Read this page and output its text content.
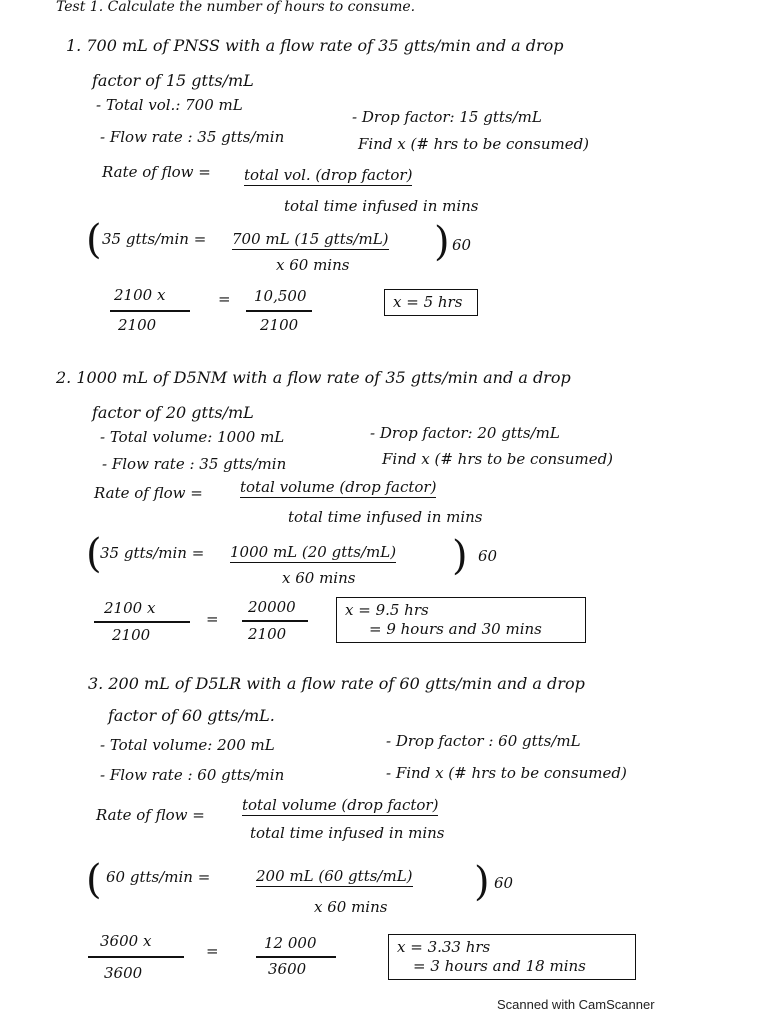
Test 1. Calculate the number of hours to consume.
1. 700 mL of PNSS with a flow rate of 35 gtts/min and a drop
factor of 15 gtts/mL
- Total vol.: 700 mL
- Drop factor: 15 gtts/mL
- Flow rate : 35 gtts/min	Find x (# hrs to be consumed)
Rate of flow = total vol. (drop factor)
total time infused in mins
( 35 gtts/min = 700 mL (15 gtts/mL) ) 60
x 60 mins
2100 x
2100
= 10,500
2100
x = 5 hrs
2. 1000 mL of D5NM with a flow rate of 35 gtts/min and a drop
factor of 20 gtts/mL
- Total volume: 1000 mL	- Drop factor: 20 gtts/mL
- Flow rate : 35 gtts/min	Find x (# hrs to be consumed)
Rate of flow = total volume (drop factor)
total time infused in mins
(
35 gtts/min = 1000 mL (20 gtts/mL) ) 60
x 60 mins
2100 x
2100
=
20000
2100
x = 9.5 hrs
= 9 hours and 30 mins
3. 200 mL of D5LR with a flow rate of 60 gtts/min and a drop
factor of 60 gtts/mL.
- Total volume: 200 mL	- Drop factor : 60 gtts/mL
- Flow rate : 60 gtts/min	- Find x (# hrs to be consumed)
Rate of flow =
total volume (drop factor)
total time infused in mins
( 60 gtts/min =	200 mL (60 gtts/mL) ) 60
x 60 mins
3600 x
3600
=	12 000
3600
x = 3.33 hrs
= 3 hours and 18 mins
Scanned with CamScanner
